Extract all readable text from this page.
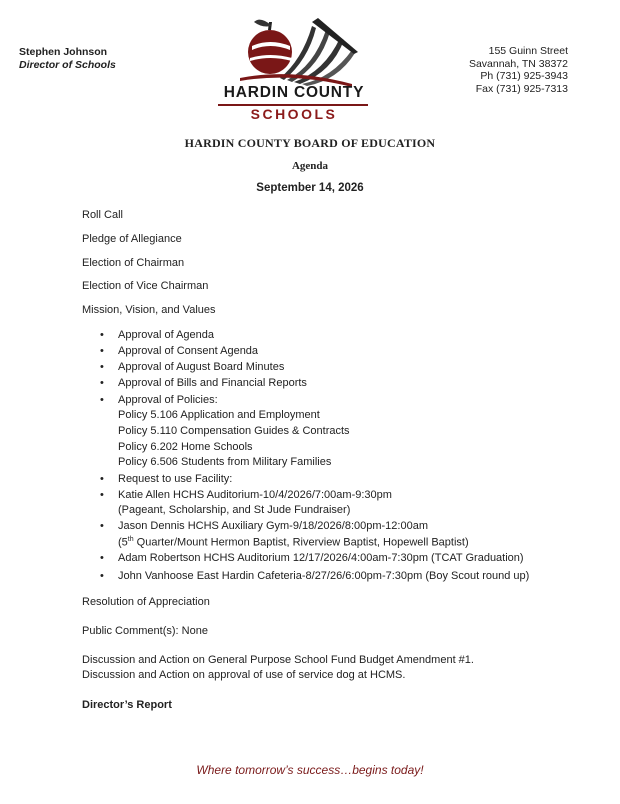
Stephen Johnson
Director of Schools
155 Guinn Street
Savannah, TN 38372
Ph (731) 925-3943
Fax (731) 925-7313
HARDIN COUNTY
SCHOOLS
HARDIN COUNTY BOARD OF EDUCATION
Agenda
September 14, 2026
Roll Call
Pledge of Allegiance
Election of Chairman
Election of Vice Chairman
Mission, Vision, and Values
• Approval of Agenda
• Approval of Consent Agenda
• Approval of August Board Minutes
• Approval of Bills and Financial Reports
• Approval of Policies:
Policy 5.106 Application and Employment
Policy 5.110 Compensation Guides & Contracts
Policy 6.202 Home Schools
Policy 6.506 Students from Military Families
• Request to use Facility:
• Katie Allen HCHS Auditorium-10/4/2026/7:00am-9:30pm
(Pageant, Scholarship, and St Jude Fundraiser)
• Jason Dennis HCHS Auxiliary Gym-9/18/2026/8:00pm-12:00am
(5th Quarter/Mount Hermon Baptist, Riverview Baptist, Hopewell Baptist)
• Adam Robertson HCHS Auditorium 12/17/2026/4:00am-7:30pm (TCAT Graduation)
• John Vanhoose East Hardin Cafeteria-8/27/26/6:00pm-7:30pm (Boy Scout round up)
Resolution of Appreciation
Public Comment(s): None
Discussion and Action on General Purpose School Fund Budget Amendment #1.
Discussion and Action on approval of use of service dog at HCMS.
Director’s Report
Where tomorrow’s success…begins today!
